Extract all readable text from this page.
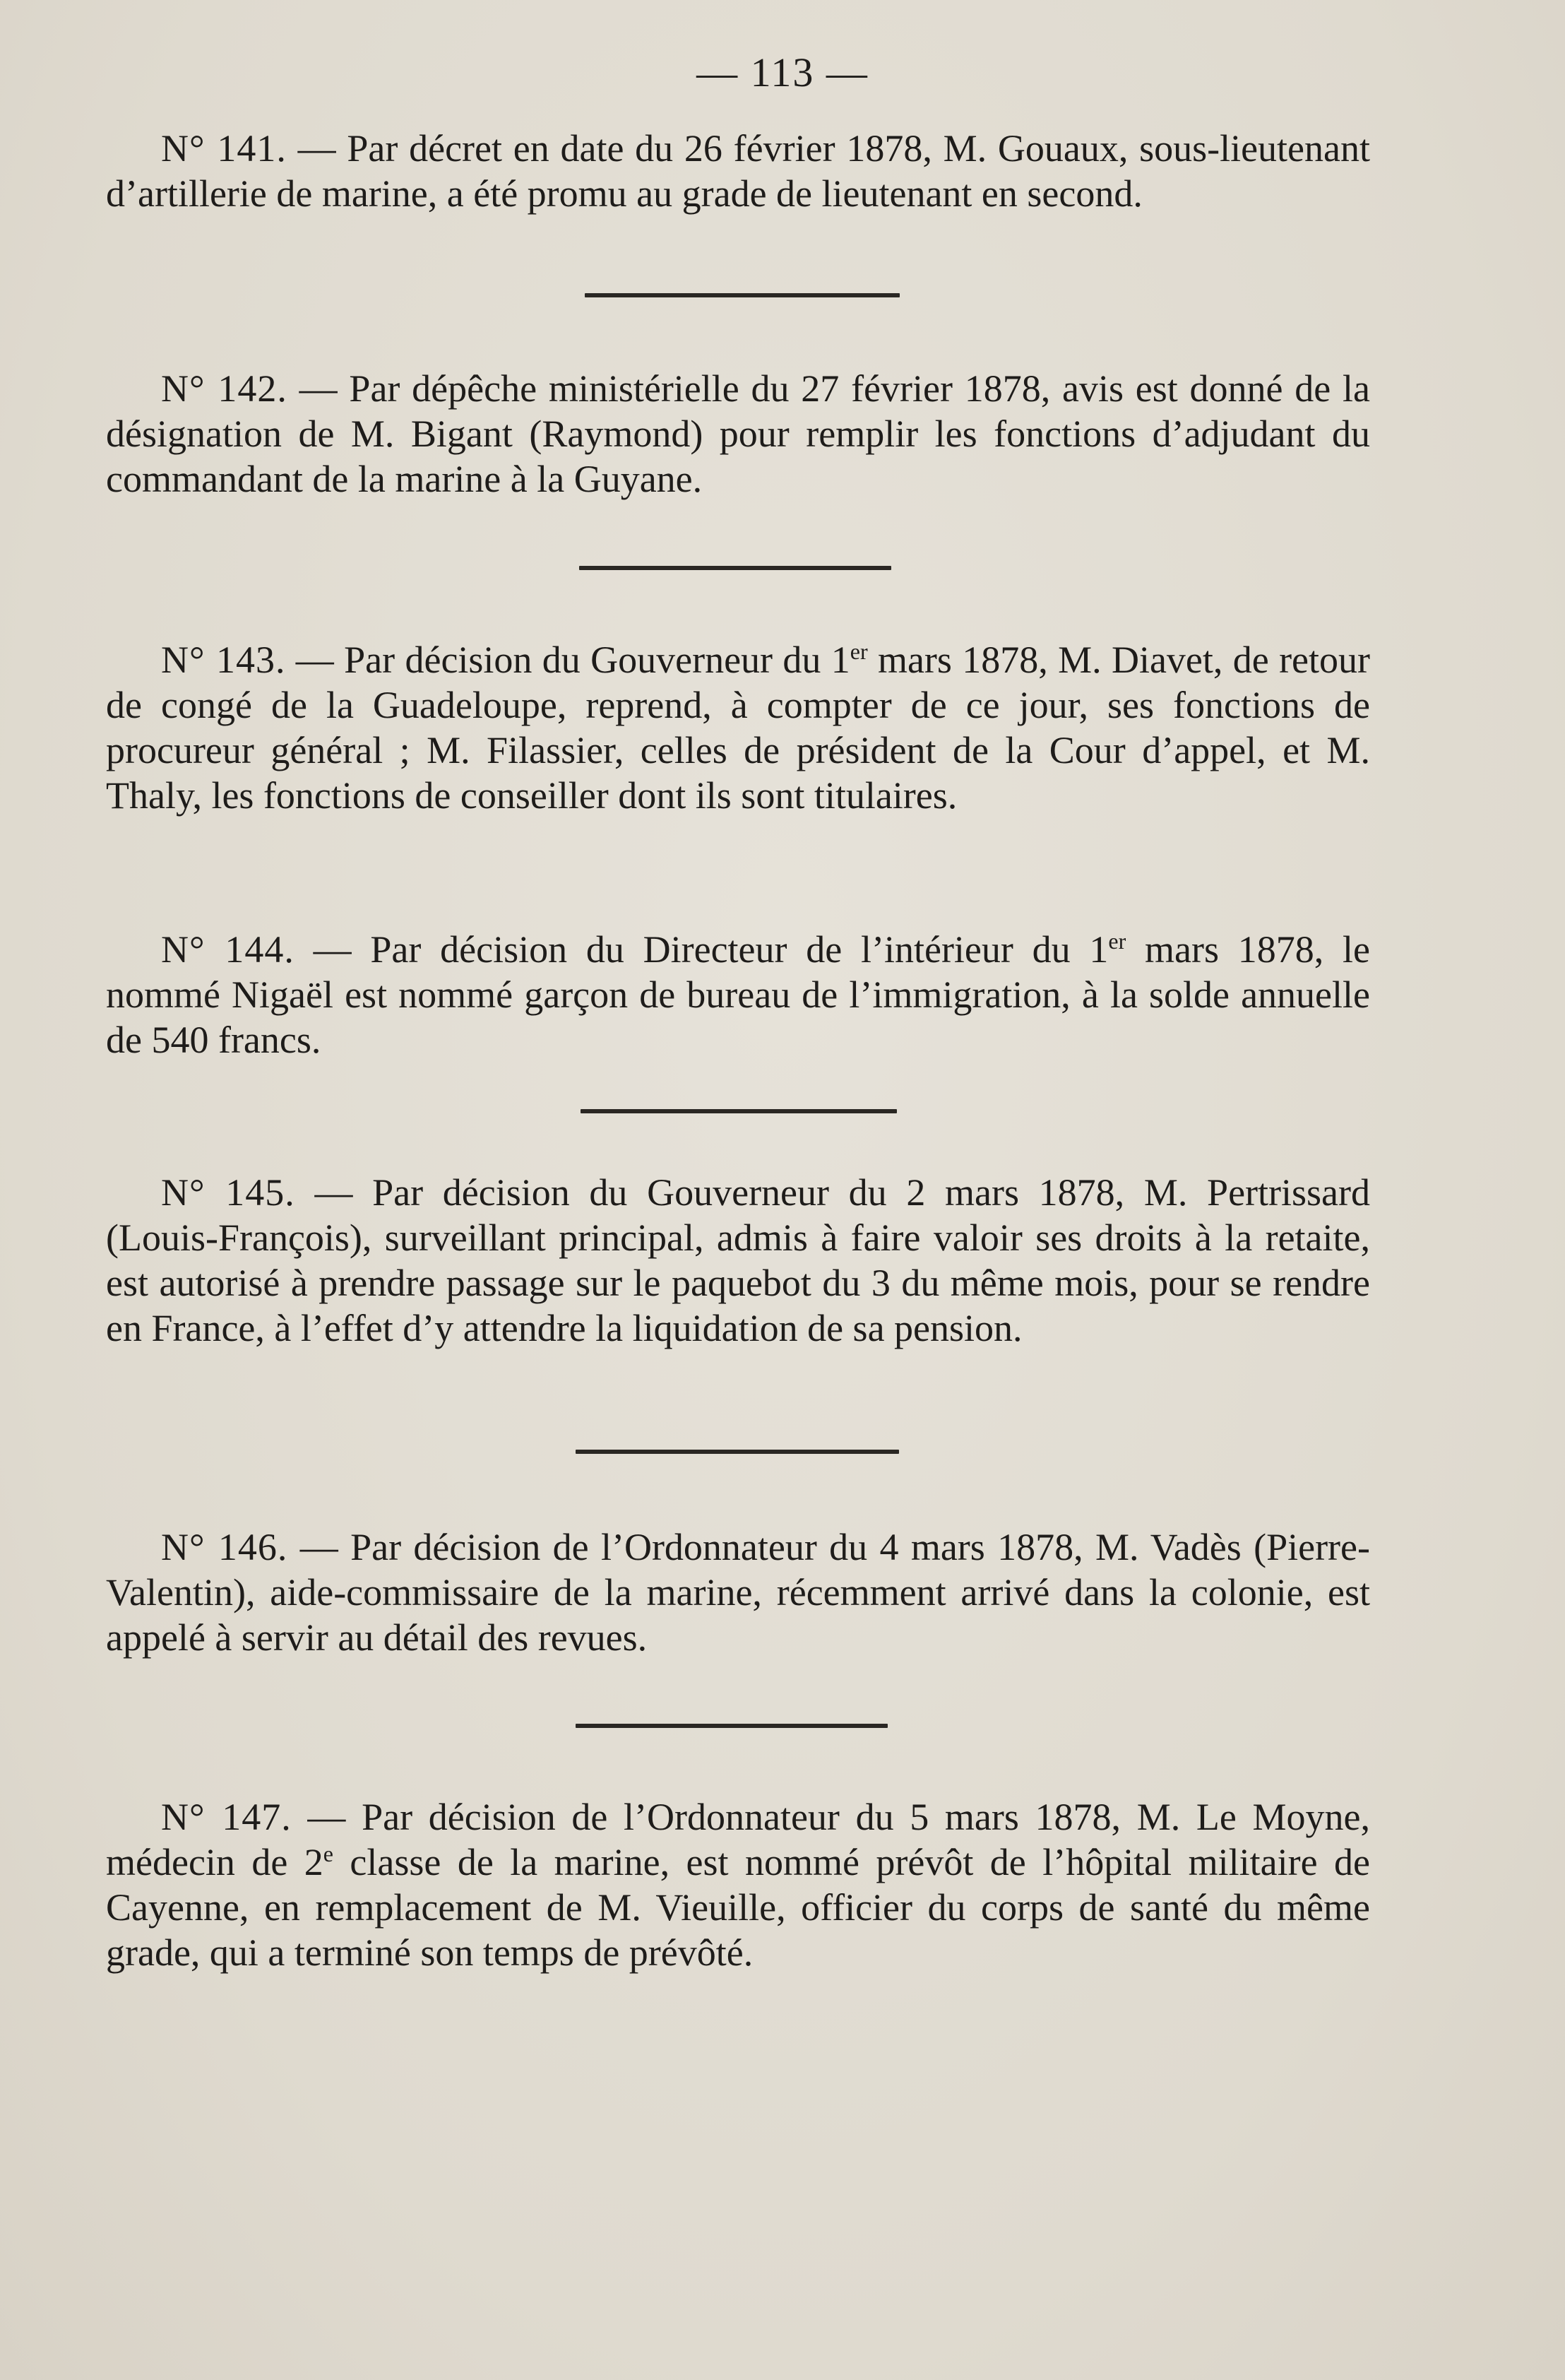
— 113 —

N° 141. — Par décret en date du 26 février 1878, M. Gouaux, sous-lieutenant d’artillerie de marine, a été promu au grade de lieutenant en second.

N° 142. — Par dépêche ministérielle du 27 février 1878, avis est donné de la désignation de M. Bigant (Raymond) pour remplir les fonctions d’adjudant du commandant de la marine à la Guyane.

N° 143. — Par décision du Gouverneur du 1er mars 1878, M. Diavet, de retour de congé de la Guadeloupe, reprend, à compter de ce jour, ses fonctions de procureur général ; M. Filassier, celles de président de la Cour d’appel, et M. Thaly, les fonctions de conseiller dont ils sont titulaires.

N° 144. — Par décision du Directeur de l’intérieur du 1er mars 1878, le nommé Nigaël est nommé garçon de bureau de l’immigration, à la solde annuelle de 540 francs.

N° 145. — Par décision du Gouverneur du 2 mars 1878, M. Pertrissard (Louis-François), surveillant principal, admis à faire valoir ses droits à la retaite, est autorisé à prendre passage sur le paquebot du 3 du même mois, pour se rendre en France, à l’effet d’y attendre la liquidation de sa pension.

N° 146. — Par décision de l’Ordonnateur du 4 mars 1878, M. Vadès (Pierre-Valentin), aide-commissaire de la marine, récemment arrivé dans la colonie, est appelé à servir au détail des revues.

N° 147. — Par décision de l’Ordonnateur du 5 mars 1878, M. Le Moyne, médecin de 2e classe de la marine, est nommé prévôt de l’hôpital militaire de Cayenne, en remplacement de M. Vieuille, officier du corps de santé du même grade, qui a terminé son temps de prévôté.
